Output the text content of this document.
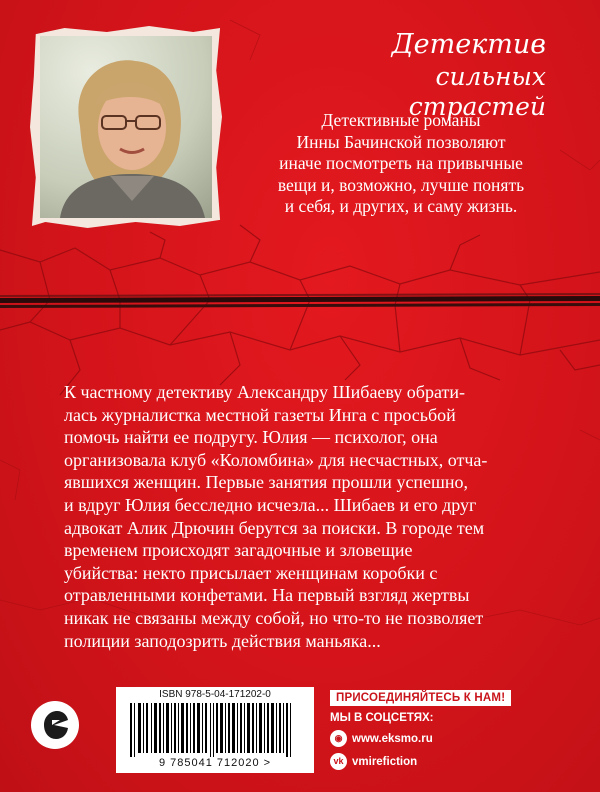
Детектив
сильных страстей
Детективные романы
Инны Бачинской позволяют
иначе посмотреть на привычные
вещи и, возможно, лучше понять
и себя, и других, и саму жизнь.

К частному детективу Александру Шибаеву обрати-

лась журналистка местной газеты Инга с просьбой

помочь найти ее подругу. Юлия — психолог, она

организовала клуб «Коломбина» для несчастных, отча-

явшихся женщин. Первые занятия прошли успешно,

и вдруг Юлия бесследно исчезла... Шибаев и его друг

адвокат Алик Дрючин берутся за поиски. В городе тем

временем происходят загадочные и зловещие

убийства: некто присылает женщинам коробки с

отравленными конфетами. На первый взгляд жертвы

никак не связаны между собой, но что-то не позволяет

полиции заподозрить действия маньяка...

ISBN 978-5-04-171202-0
9 785041 712020 >
ПРИСОЕДИНЯЙТЕСЬ К НАМ!
МЫ В СОЦСЕТЯХ:
◉ www.eksmo.ru
vk vmirefiction
